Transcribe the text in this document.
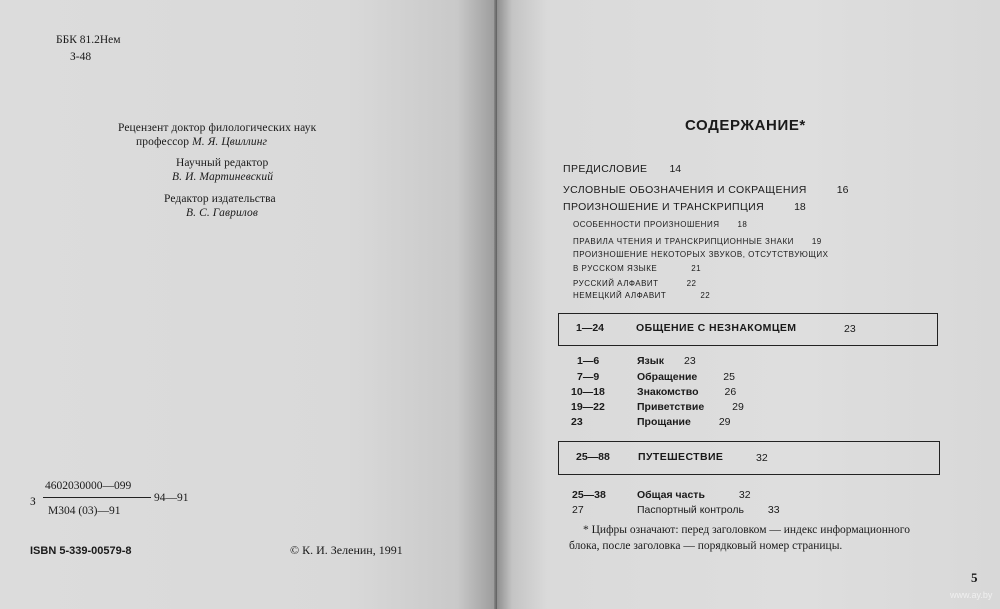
ББК 81.2Нем
З-48
Рецензент доктор филологических наук
профессор М. Я. Цвиллинг
Научный редактор
В. И. Мартиневский
Редактор издательства
В. С. Гаврилов
З
4602030000—099
М304 (03)—91
94—91
ISBN 5-339-00579-8	© К. И. Зеленин, 1991
СОДЕРЖАНИЕ*
ПРЕДИСЛОВИЕ 14
УСЛОВНЫЕ ОБОЗНАЧЕНИЯ И СОКРАЩЕНИЯ	16
ПРОИЗНОШЕНИЕ И ТРАНСКРИПЦИЯ	18
ОСОБЕННОСТИ ПРОИЗНОШЕНИЯ 18
ПРАВИЛА ЧТЕНИЯ И ТРАНСКРИПЦИОННЫЕ ЗНАКИ 19
ПРОИЗНОШЕНИЕ НЕКОТОРЫХ ЗВУКОВ, ОТСУТСТВУЮЩИХ
В РУССКОМ ЯЗЫКЕ	21
РУССКИЙ АЛФАВИТ	22
НЕМЕЦКИЙ АЛФАВИТ	22
1—24	ОБЩЕНИЕ С НЕЗНАКОМЦЕМ	23
1—6	Язык 23
7—9	Обращение 25
10—18	Знакомство 26
19—22	Приветствие	29
23	Прощание	29
25—88	ПУТЕШЕСТВИЕ	32
25—38	Общая часть	32
27	Паспортный контроль 33
* Цифры означают: перед заголовком — индекс информационного
блока, после заголовка — порядковый номер страницы.
5
www.ay.by
